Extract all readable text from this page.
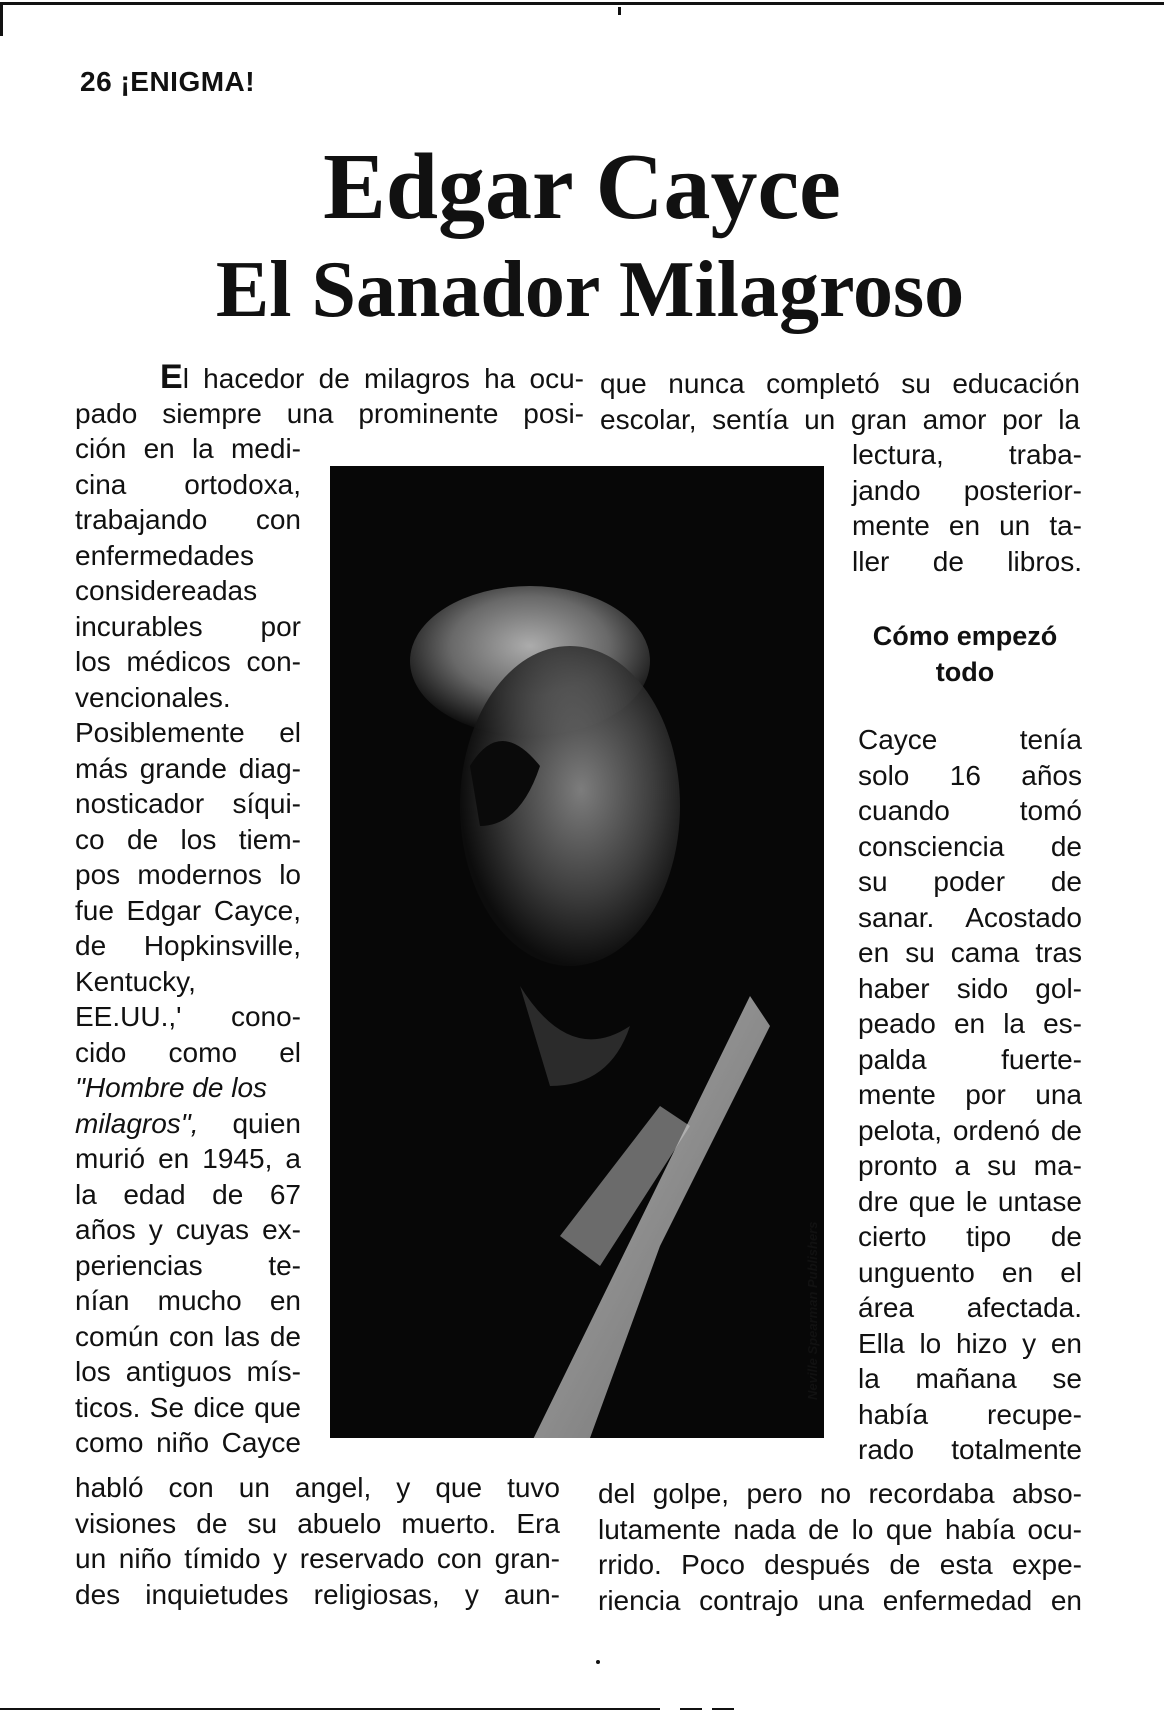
26 ¡ENIGMA!

Edgar Cayce
El Sanador Milagroso
Neville Spearman Publishers

El hacedor de milagros ha ocu-

pado siempre una prominente posi-

ción en la medi-

cina ortodoxa,

trabajando con

enfermedades

considereadas

incurables por

los médicos con-

vencionales.

Posiblemente el

más grande diag-

nosticador síqui-

co de los tiem-

pos modernos lo

fue Edgar Cayce,

de Hopkinsville,

Kentucky,

EE.UU.,' cono-

cido como el

"Hombre de los

milagros", quien

murió en 1945, a

la edad de 67

años y cuyas ex-

periencias te-

nían mucho en

común con las de

los antiguos mís-

ticos. Se dice que

como niño Cayce

habló con un angel, y que tuvo

visiones de su abuelo muerto. Era

un niño tímido y reservado con gran-

des inquietudes religiosas, y aun-

que nunca completó su educación

escolar, sentía un gran amor por la

lectura, traba-

jando posterior-

mente en un ta-

ller de libros.

Cómo empezó

todo

Cayce tenía

solo 16 años

cuando tomó

consciencia de

su poder de

sanar. Acostado

en su cama tras

haber sido gol-

peado en la es-

palda fuerte-

mente por una

pelota, ordenó de

pronto a su ma-

dre que le untase

cierto tipo de

unguento en el

área afectada.

Ella lo hizo y en

la mañana se

había recupe-

rado totalmente

del golpe, pero no recordaba abso-

lutamente nada de lo que había ocu-

rrido. Poco después de esta expe-

riencia contrajo una enfermedad en
